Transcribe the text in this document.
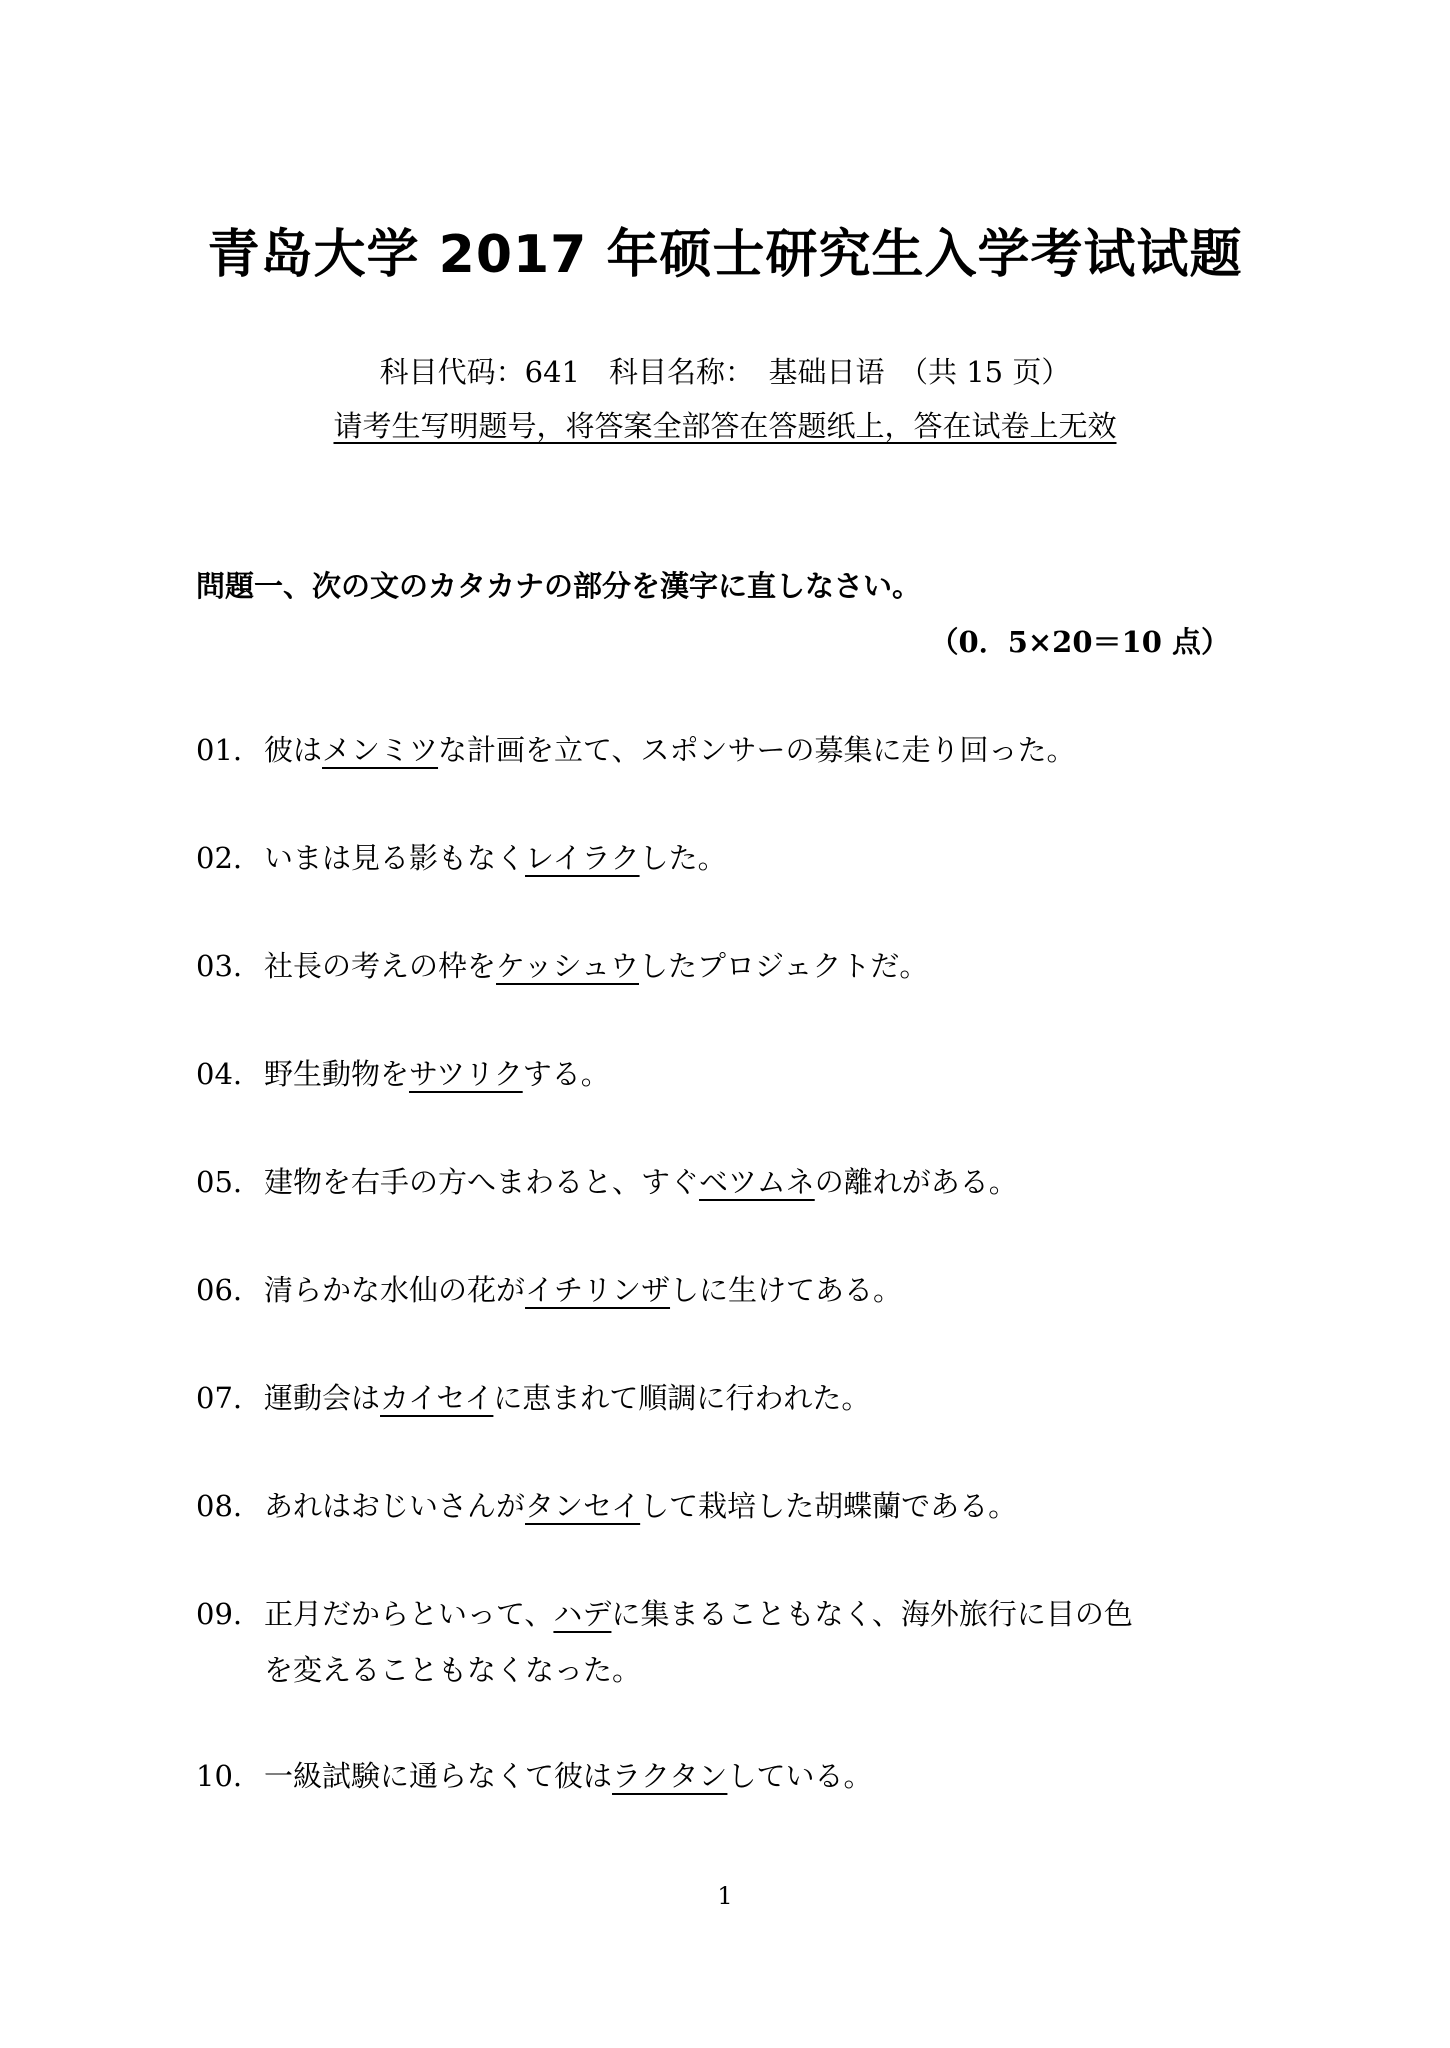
青岛大学 2017 年硕士研究生入学考试试题
科目代码：641　科目名称：　基础日语　（共 15 页）
请考生写明题号，将答案全部答在答题纸上，答在试卷上无效
問題一、次の文のカタカナの部分を漢字に直しなさい。
（0．5×20＝10 点）
01. 彼はメンミツな計画を立て、スポンサーの募集に走り回った。
02. いまは見る影もなくレイラクした。
03. 社長の考えの枠をケッシュウしたプロジェクトだ。
04. 野生動物をサツリクする。
05. 建物を右手の方へまわると、すぐベツムネの離れがある。
06. 清らかな水仙の花がイチリンザしに生けてある。
07. 運動会はカイセイに恵まれて順調に行われた。
08. あれはおじいさんがタンセイして栽培した胡蝶蘭である。
09. 正月だからといって、ハデに集まることもなく、海外旅行に目の色
を変えることもなくなった。
10. 一級試験に通らなくて彼はラクタンしている。
1
